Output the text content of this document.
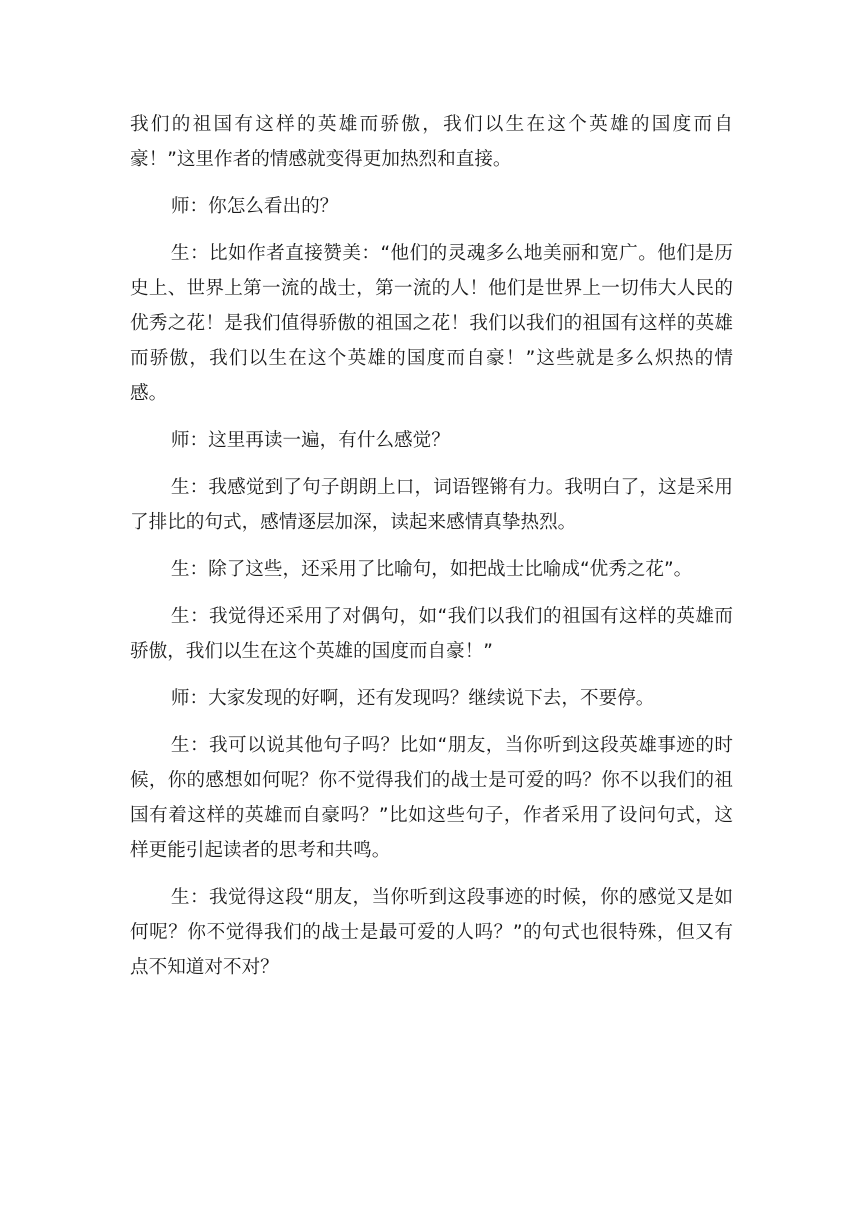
我们的祖国有这样的英雄而骄傲，我们以生在这个英雄的国度而自豪！”这里作者的情感就变得更加热烈和直接。

师：你怎么看出的？

生：比如作者直接赞美：“他们的灵魂多么地美丽和宽广。他们是历史上、世界上第一流的战士，第一流的人！他们是世界上一切伟大人民的优秀之花！是我们值得骄傲的祖国之花！我们以我们的祖国有这样的英雄而骄傲，我们以生在这个英雄的国度而自豪！”这些就是多么炽热的情感。

师：这里再读一遍，有什么感觉？

生：我感觉到了句子朗朗上口，词语铿锵有力。我明白了，这是采用了排比的句式，感情逐层加深，读起来感情真挚热烈。

生：除了这些，还采用了比喻句，如把战士比喻成“优秀之花”。

生：我觉得还采用了对偶句，如“我们以我们的祖国有这样的英雄而骄傲，我们以生在这个英雄的国度而自豪！”

师：大家发现的好啊，还有发现吗？继续说下去，不要停。

生：我可以说其他句子吗？比如“朋友，当你听到这段英雄事迹的时候，你的感想如何呢？你不觉得我们的战士是可爱的吗？你不以我们的祖国有着这样的英雄而自豪吗？”比如这些句子，作者采用了设问句式，这样更能引起读者的思考和共鸣。

生：我觉得这段“朋友，当你听到这段事迹的时候，你的感觉又是如何呢？你不觉得我们的战士是最可爱的人吗？”的句式也很特殊，但又有点不知道对不对？
